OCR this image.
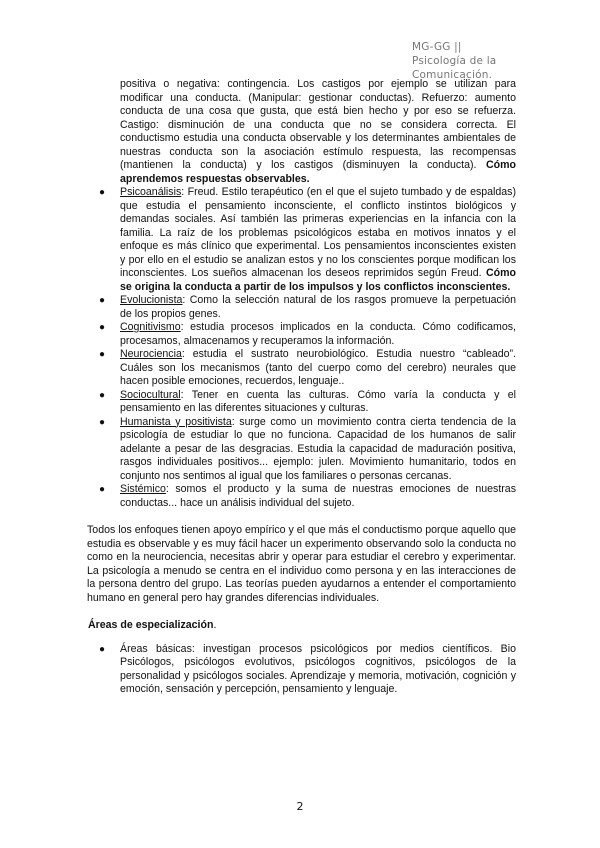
MG-GG ||
Psicología de la
Comunicación.

positiva o negativa: contingencia. Los castigos por ejemplo se utilizan para modificar una conducta. (Manipular: gestionar conductas). Refuerzo: aumento conducta de una cosa que gusta, que está bien hecho y por eso se refuerza. Castigo: disminución de una conducta que no se considera correcta. El conductismo estudia una conducta observable y los determinantes ambientales de nuestras conducta son la asociación estímulo respuesta, las recompensas (mantienen la conducta) y los castigos (disminuyen la conducta). Cómo aprendemos respuestas observables.

● Psicoanálisis: Freud. Estilo terapéutico (en el que el sujeto tumbado y de espaldas) que estudia el pensamiento inconsciente, el conflicto instintos biológicos y demandas sociales. Así también las primeras experiencias en la infancia con la familia. La raíz de los problemas psicológicos estaba en motivos innatos y el enfoque es más clínico que experimental. Los pensamientos inconscientes existen y por ello en el estudio se analizan estos y no los conscientes porque modifican los inconscientes. Los sueños almacenan los deseos reprimidos según Freud. Cómo se origina la conducta a partir de los impulsos y los conflictos inconscientes.
● Evolucionista: Como la selección natural de los rasgos promueve la perpetuación de los propios genes.
● Cognitivismo: estudia procesos implicados en la conducta. Cómo codificamos, procesamos, almacenamos y recuperamos la información.
● Neurociencia: estudia el sustrato neurobiológico. Estudia nuestro “cableado”. Cuáles son los mecanismos (tanto del cuerpo como del cerebro) neurales que hacen posible emociones, recuerdos, lenguaje..
● Sociocultural: Tener en cuenta las culturas. Cómo varía la conducta y el pensamiento en las diferentes situaciones y culturas.
● Humanista y positivista: surge como un movimiento contra cierta tendencia de la psicología de estudiar lo que no funciona. Capacidad de los humanos de salir adelante a pesar de las desgracias. Estudia la capacidad de maduración positiva, rasgos individuales positivos... ejemplo: julen. Movimiento humanitario, todos en conjunto nos sentimos al igual que los familiares o personas cercanas.
● Sistémico: somos el producto y la suma de nuestras emociones de nuestras conductas... hace un análisis individual del sujeto.

Todos los enfoques tienen apoyo empírico y el que más el conductismo porque aquello que estudia es observable y es muy fácil hacer un experimento observando solo la conducta no como en la neurociencia, necesitas abrir y operar para estudiar el cerebro y experimentar. La psicología a menudo se centra en el individuo como persona y en las interacciones de la persona dentro del grupo. Las teorías pueden ayudarnos a entender el comportamiento humano en general pero hay grandes diferencias individuales.

Áreas de especialización.

● Áreas básicas: investigan procesos psicológicos por medios científicos. Bio Psicólogos, psicólogos evolutivos, psicólogos cognitivos, psicólogos de la personalidad y psicólogos sociales. Aprendizaje y memoria, motivación, cognición y emoción, sensación y percepción, pensamiento y lenguaje.
2
